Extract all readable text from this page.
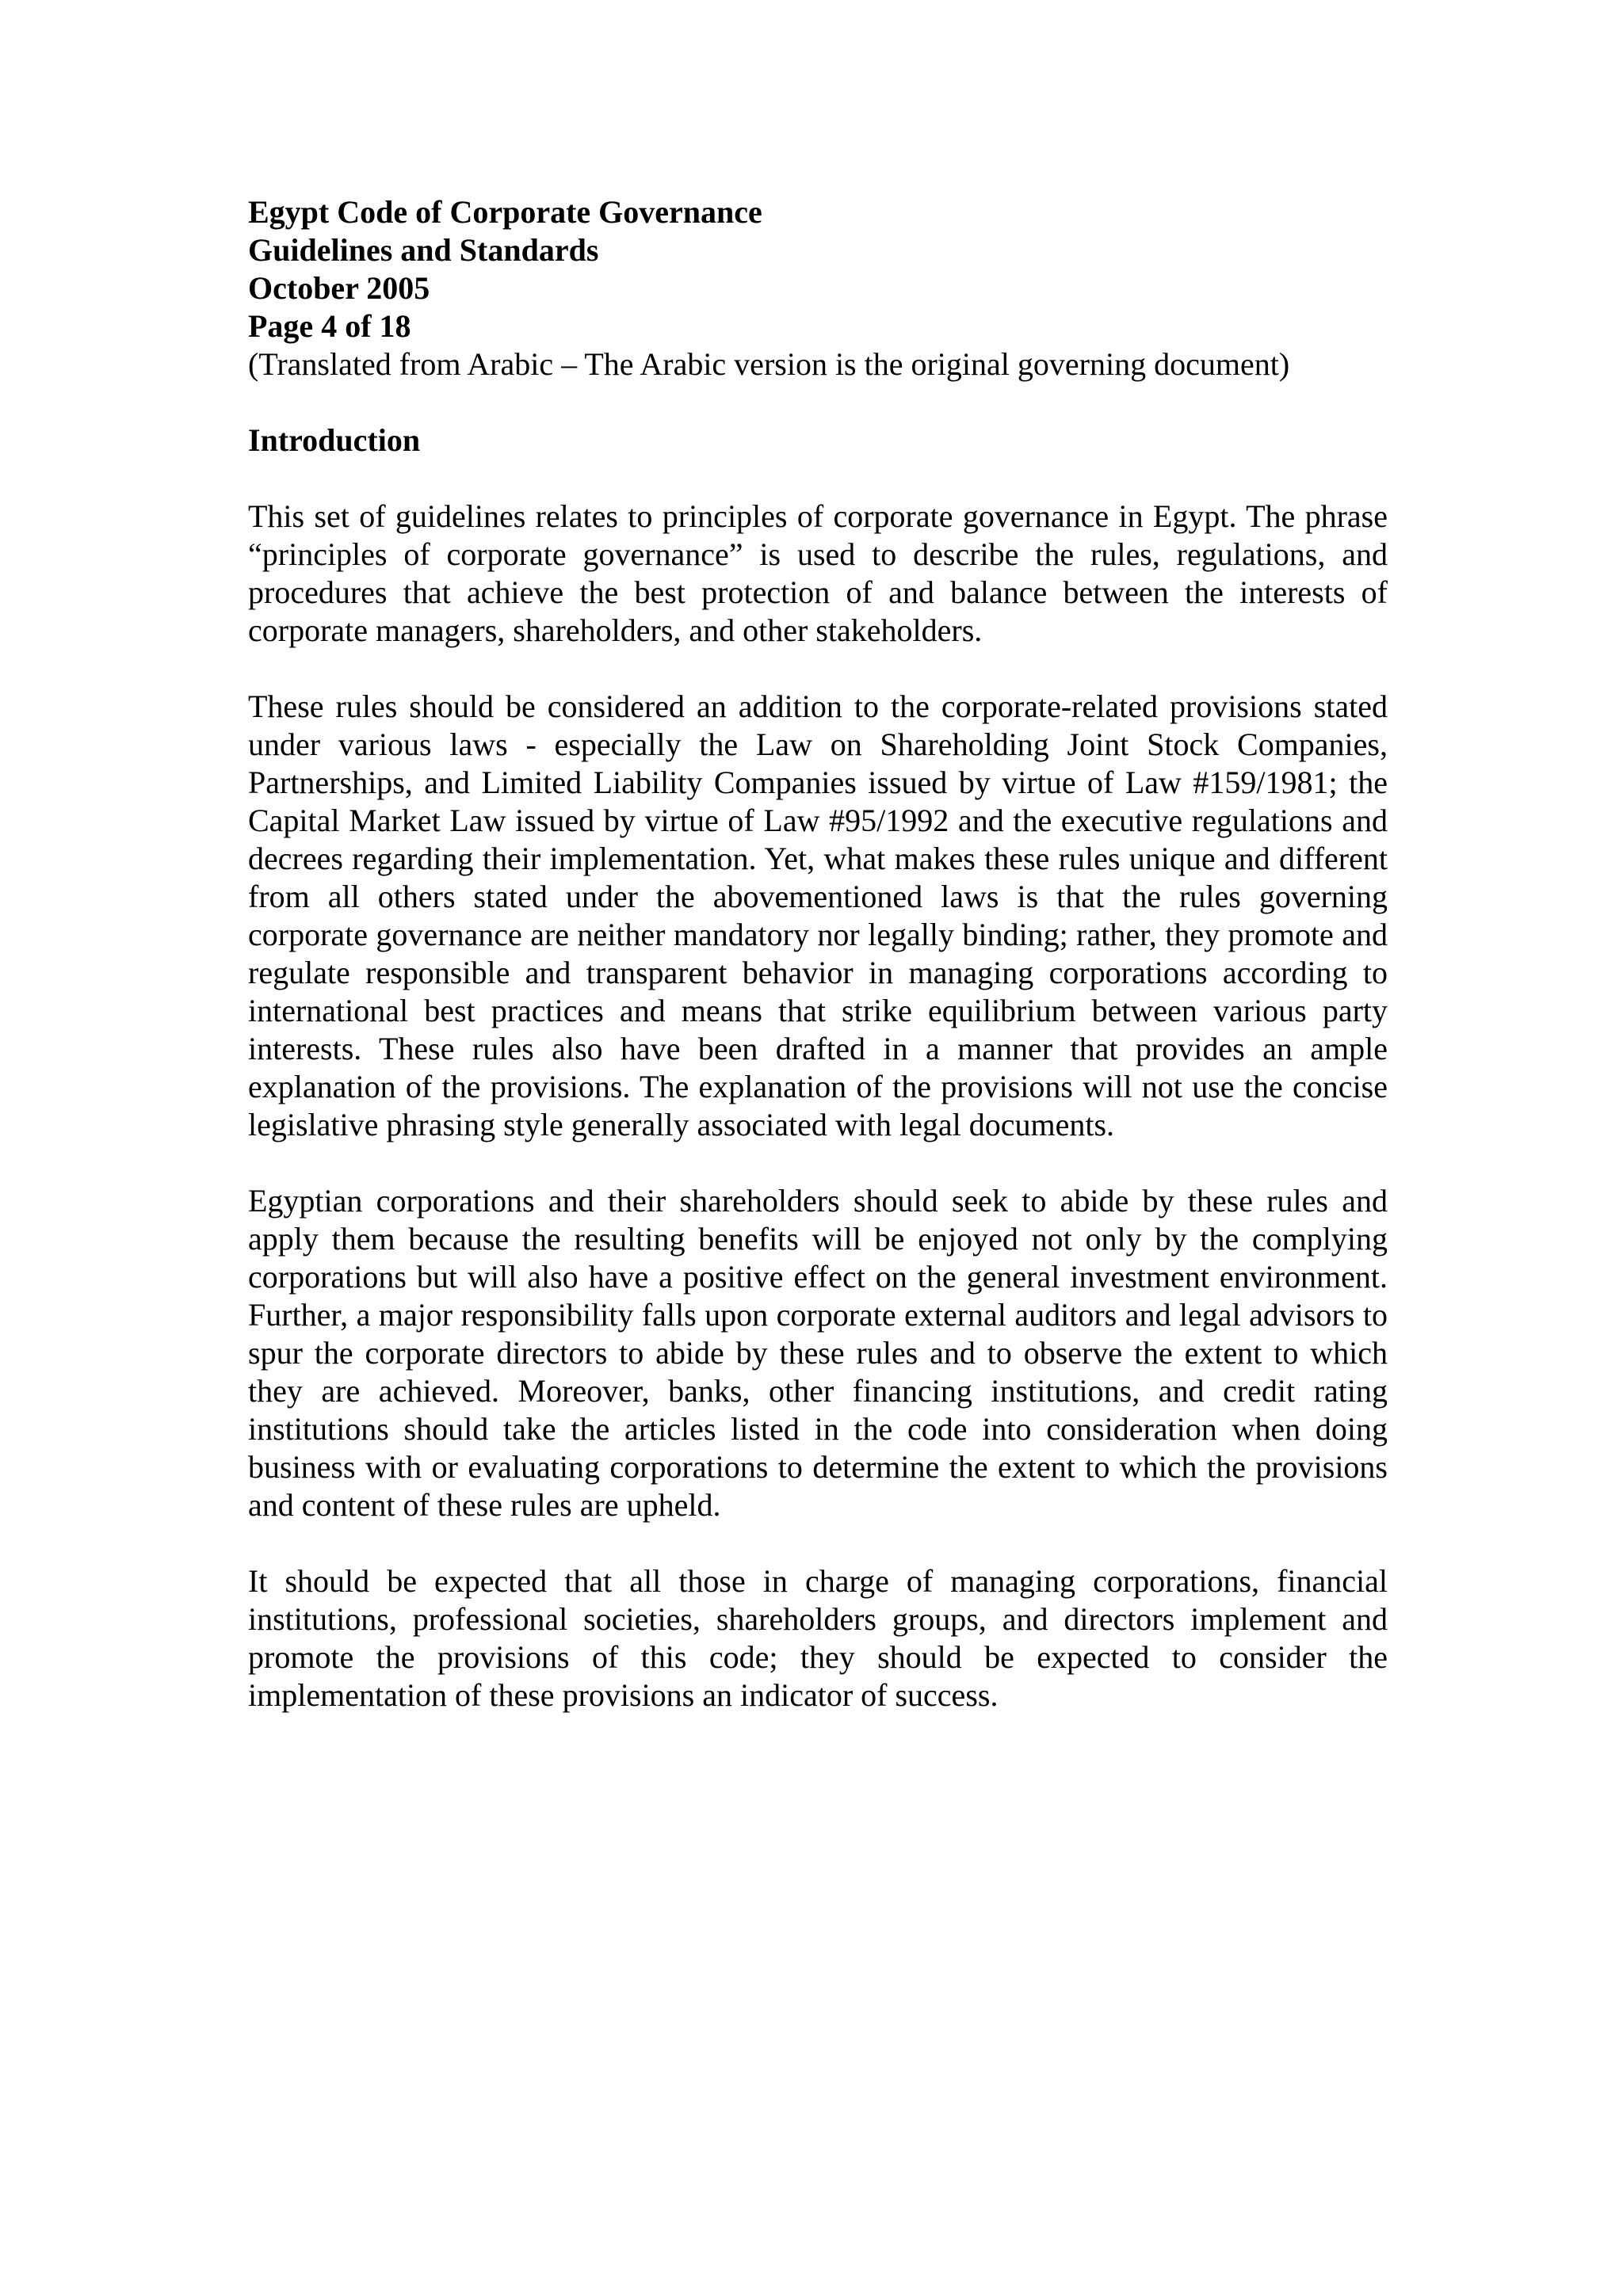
Egypt Code of Corporate Governance
Guidelines and Standards
October 2005
Page 4 of 18
(Translated from Arabic – The Arabic version is the original governing document)
Introduction

This set of guidelines relates to principles of corporate governance in Egypt. The phrase “principles of corporate governance” is used to describe the rules, regulations, and procedures that achieve the best protection of and balance between the interests of corporate managers, shareholders, and other stakeholders.

These rules should be considered an addition to the corporate-related provisions stated under various laws - especially the Law on Shareholding Joint Stock Companies, Partnerships, and Limited Liability Companies issued by virtue of Law #159/1981; the Capital Market Law issued by virtue of Law #95/1992 and the executive regulations and decrees regarding their implementation. Yet, what makes these rules unique and different from all others stated under the abovementioned laws is that the rules governing corporate governance are neither mandatory nor legally binding; rather, they promote and regulate responsible and transparent behavior in managing corporations according to international best practices and means that strike equilibrium between various party interests. These rules also have been drafted in a manner that provides an ample explanation of the provisions. The explanation of the provisions will not use the concise legislative phrasing style generally associated with legal documents.

Egyptian corporations and their shareholders should seek to abide by these rules and apply them because the resulting benefits will be enjoyed not only by the complying corporations but will also have a positive effect on the general investment environment. Further, a major responsibility falls upon corporate external auditors and legal advisors to spur the corporate directors to abide by these rules and to observe the extent to which they are achieved. Moreover, banks, other financing institutions, and credit rating institutions should take the articles listed in the code into consideration when doing business with or evaluating corporations to determine the extent to which the provisions and content of these rules are upheld.

It should be expected that all those in charge of managing corporations, financial institutions, professional societies, shareholders groups, and directors implement and promote the provisions of this code; they should be expected to consider the implementation of these provisions an indicator of success.
